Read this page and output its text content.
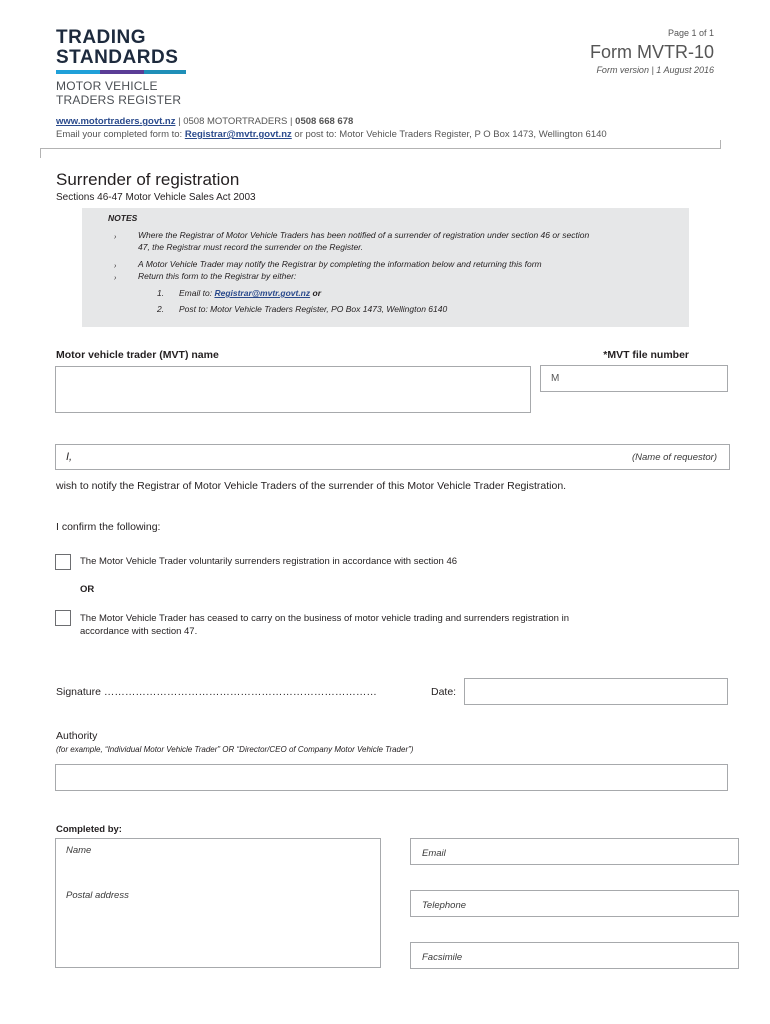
TRADING
STANDARDS
MOTOR VEHICLE
TRADERS REGISTER
Page 1 of 1
Form MVTR-10
Form version | 1 August 2016
www.motortraders.govt.nz | 0508 MOTORTRADERS | 0508 668 678
Email your completed form to: Registrar@mvtr.govt.nz or post to: Motor Vehicle Traders Register, P O Box 1473, Wellington 6140
Surrender of registration
Sections 46-47 Motor Vehicle Sales Act 2003
NOTES
›	Where the Registrar of Motor Vehicle Traders has been notified of a surrender of registration under section 46 or section
47, the Registrar must record the surrender on the Register.
›	A Motor Vehicle Trader may notify the Registrar by completing the information below and returning this form
›	Return this form to the Registrar by either:
1. Email to: Registrar@mvtr.govt.nz or
2. Post to: Motor Vehicle Traders Register, PO Box 1473, Wellington 6140
Motor vehicle trader (MVT) name	*MVT file number
M
I,	(Name of requestor)
wish to notify the Registrar of Motor Vehicle Traders of the surrender of this Motor Vehicle Trader Registration.
I confirm the following:
The Motor Vehicle Trader voluntarily surrenders registration in accordance with section 46
OR
The Motor Vehicle Trader has ceased to carry on the business of motor vehicle trading and surrenders registration in
accordance with section 47.
Signature ……………………………………………………………………	Date:
Authority
(for example, “Individual Motor Vehicle Trader” OR “Director/CEO of Company Motor Vehicle Trader”)
Completed by:
Name
Postal address
Email
Telephone
Facsimile
